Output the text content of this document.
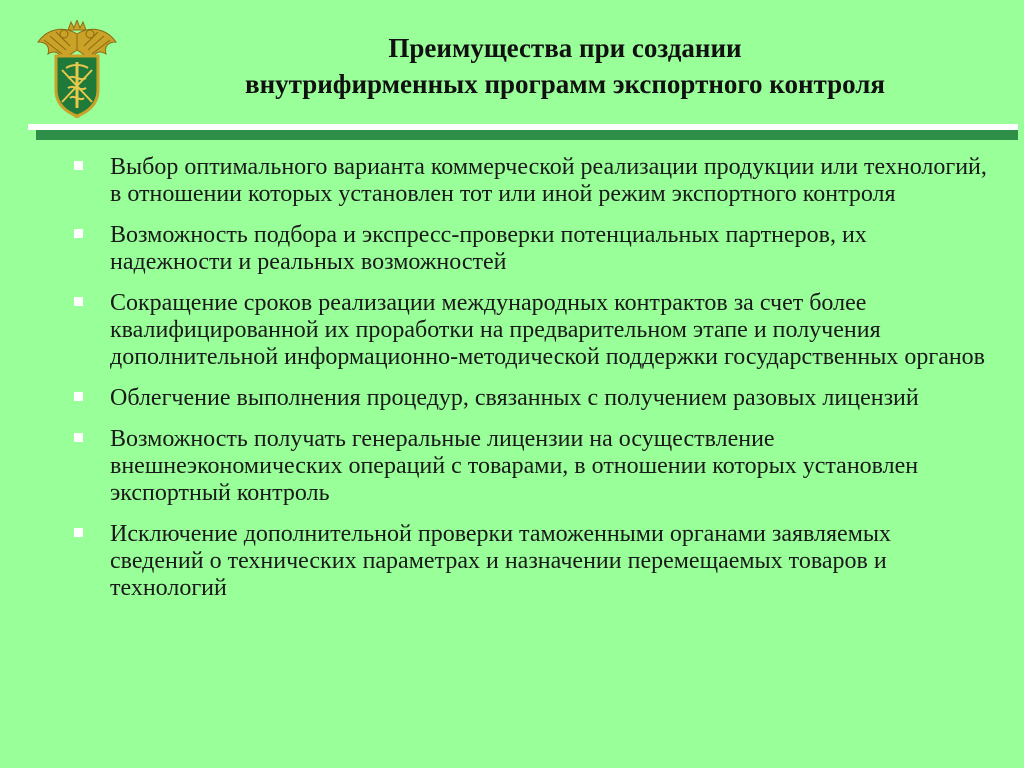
Преимущества при создании
внутрифирменных программ экспортного контроля
Выбор оптимального варианта коммерческой реализации продукции или технологий, в отношении которых установлен тот или иной режим экспортного контроля
Возможность подбора и экспресс-проверки потенциальных партнеров, их надежности и реальных возможностей
Сокращение сроков реализации международных контрактов за счет более квалифицированной их проработки на предварительном этапе и получения дополнительной информационно-методической поддержки государственных органов
Облегчение выполнения процедур, связанных с получением разовых лицензий
Возможность получать генеральные лицензии на осуществление внешнеэкономических операций с товарами, в отношении которых установлен экспортный контроль
Исключение дополнительной проверки таможенными органами заявляемых сведений о технических параметрах и назначении перемещаемых товаров и технологий
